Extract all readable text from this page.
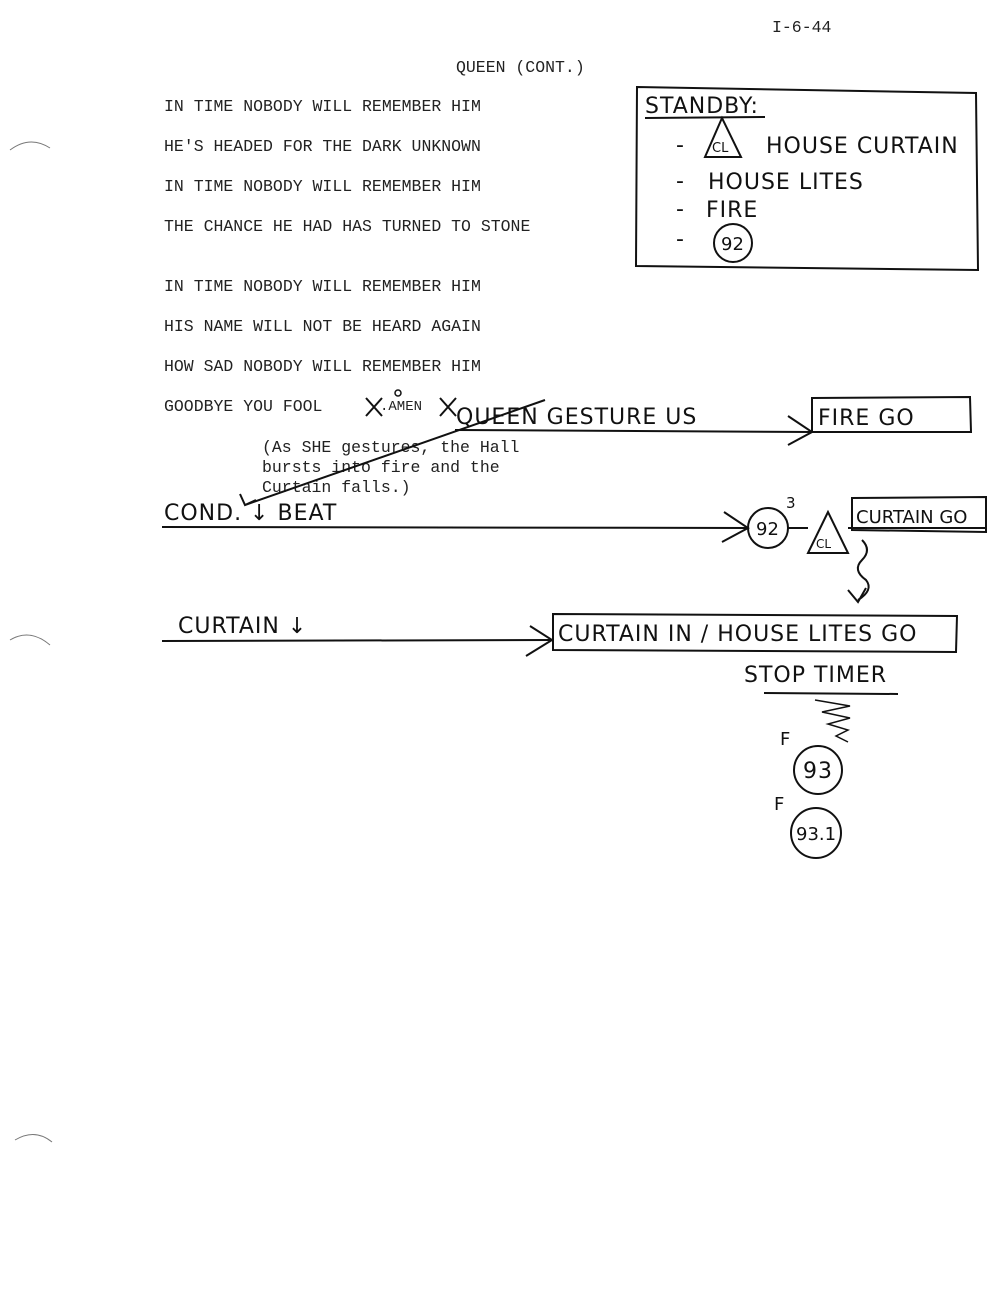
I-6-44
QUEEN (CONT.)
IN TIME NOBODY WILL REMEMBER HIM
HE'S HEADED FOR THE DARK UNKNOWN
IN TIME NOBODY WILL REMEMBER HIM
THE CHANCE HE HAD HAS TURNED TO STONE
IN TIME NOBODY WILL REMEMBER HIM
HIS NAME WILL NOT BE HEARD AGAIN
HOW SAD NOBODY WILL REMEMBER HIM
GOODBYE YOU FOOL	.AMEN
(As SHE gestures, the Hall
bursts into fire and the
Curtain falls.)
STANDBY:
- CL HOUSE CURTAIN
- HOUSE LITES
- FIRE
- 92
QUEEN GESTURE US	FIRE GO
COND. ↓ BEAT
92
3
CL
CURTAIN GO
CURTAIN ↓	CURTAIN IN / HOUSE LITES GO
STOP TIMER
F
93
F
93.1
